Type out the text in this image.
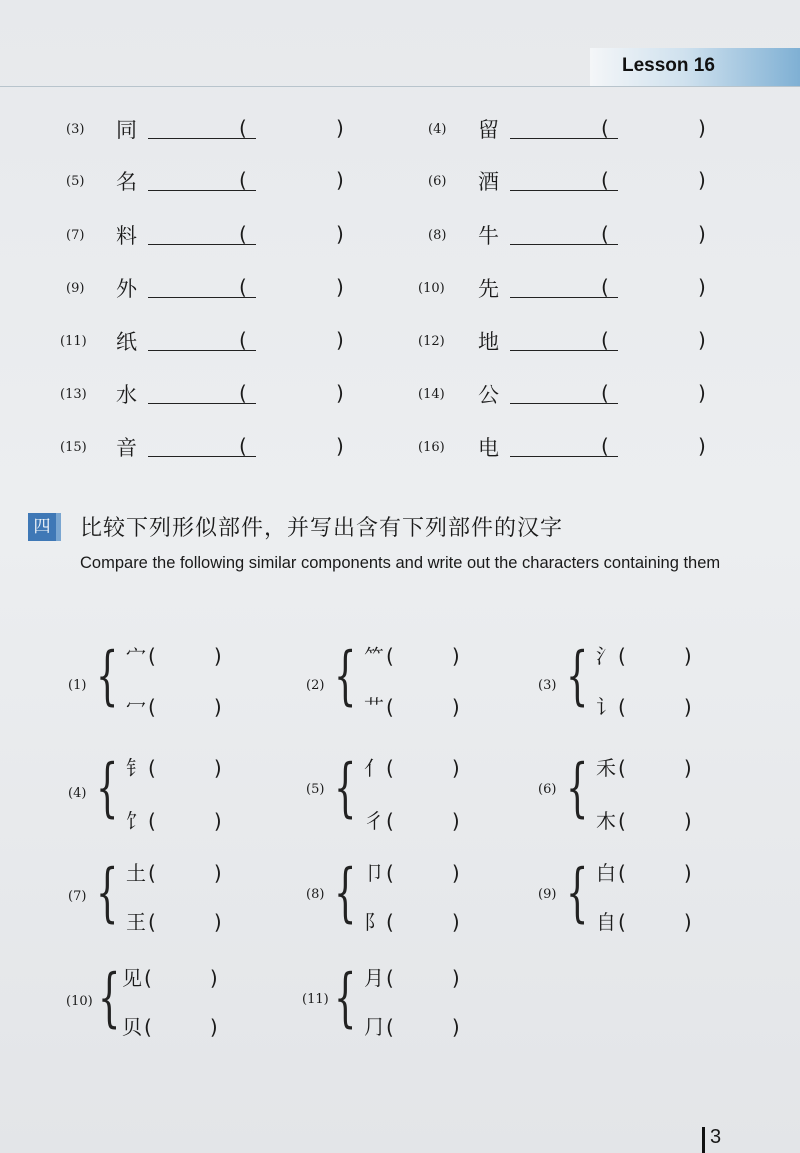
Lesson 16
(3) 同	(	)	(4) 留	(	)
(5) 名	(	)	(6) 酒	(	)
(7) 料	(	)	(8) 牛	(	)
(9) 外	(	)	(10) 先	(	)
(11) 纸	(	)	(12) 地	(	)
(13) 水	(	)	(14) 公	(	)
(15) 音	(	)	(16) 电	(	)
四 比较下列形似部件，并写出含有下列部件的汉字
Compare the following similar components and write out the characters containing them
(1) { 宀 (	)
冖 (	)
(2) { ⺮ (	)
艹 (	)
(3) { 氵 (	)
讠 (	)
(4) { 钅 (	)
饣 (	)
(5) { 亻 (	)
彳 (	)
(6) { 禾 (	)
木 (	)
(7) { 土 (	)
王 (	)
(8) { 卩 (	)
阝 (	)
(9) { 白 (	)
自 (	)
(10) { 见 (	)
贝 (	)
(11) { 月 (	)
⺆ (	)
3
